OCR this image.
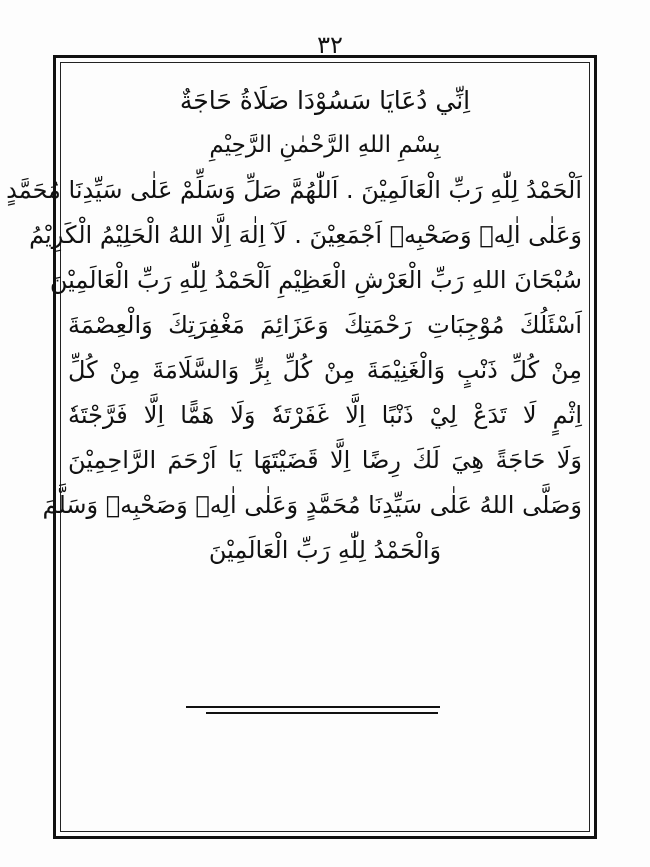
٣٢
اِنِّي دُعَايَا سَسُوْدَا صَلَاةُ حَاجَةٌ
بِسْمِ اللهِ الرَّحْمٰنِ الرَّحِيْمِ
اَلْحَمْدُ لِلّٰهِ رَبِّ الْعَالَمِيْنَ . اَللّٰهُمَّ صَلِّ وَسَلِّمْ عَلٰى سَيِّدِنَا مُحَمَّدٍ
وَعَلٰى اٰلِهٖ وَصَحْبِهٖ اَجْمَعِيْنَ . لَآ اِلٰهَ اِلَّا اللهُ الْحَلِيْمُ الْكَرِيْمُ
سُبْحَانَ اللهِ رَبِّ الْعَرْشِ الْعَظِيْمِ اَلْحَمْدُ لِلّٰهِ رَبِّ الْعَالَمِيْنَ
اَسْئَلُكَ مُوْجِبَاتِ رَحْمَتِكَ وَعَزَائِمَ مَغْفِرَتِكَ وَالْعِصْمَةَ
مِنْ كُلِّ ذَنْبٍ وَالْغَنِيْمَةَ مِنْ كُلِّ بِرٍّ وَالسَّلَامَةَ مِنْ كُلِّ
اِثْمٍ لَا تَدَعْ لِيْ ذَنْبًا اِلَّا غَفَرْتَهٗ وَلَا هَمًّا اِلَّا فَرَّجْتَهٗ
وَلَا حَاجَةً هِيَ لَكَ رِضًا اِلَّا قَضَيْتَهَا يَا اَرْحَمَ الرَّاحِمِيْنَ
وَصَلَّى اللهُ عَلٰى سَيِّدِنَا مُحَمَّدٍ وَعَلٰى اٰلِهٖ وَصَحْبِهٖ وَسَلَّمَ
وَالْحَمْدُ لِلّٰهِ رَبِّ الْعَالَمِيْنَ
